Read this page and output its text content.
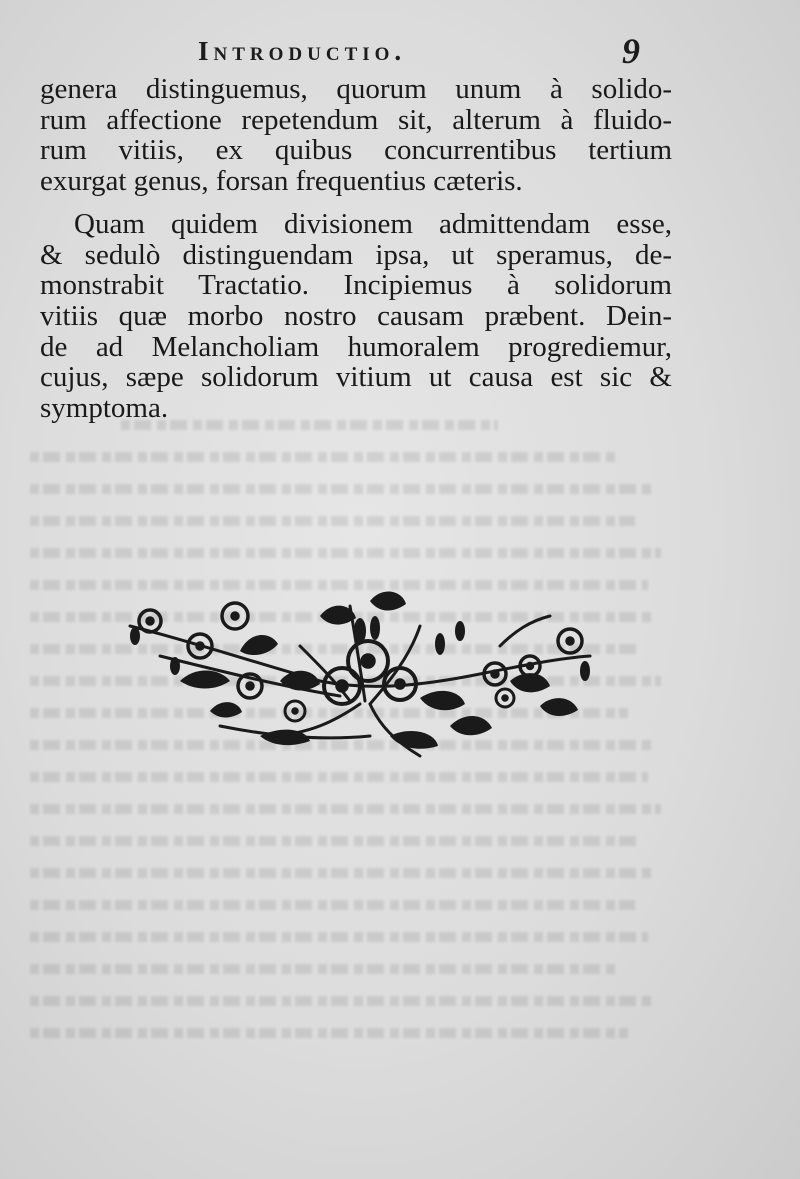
Introductio.	9
genera distinguemus, quorum unum à solido-
rum affectione repetendum sit, alterum à fluido-
rum vitiis, ex quibus concurrentibus tertium
exurgat genus, forsan frequentius cæteris.
Quam quidem divisionem admittendam esse,
& sedulò distinguendam ipsa, ut speramus, de-
monstrabit Tractatio. Incipiemus à solidorum
vitiis quæ morbo nostro causam præbent. Dein-
de ad Melancholiam humoralem progrediemur,
cujus, sæpe solidorum vitium ut causa est sic &
symptoma.
